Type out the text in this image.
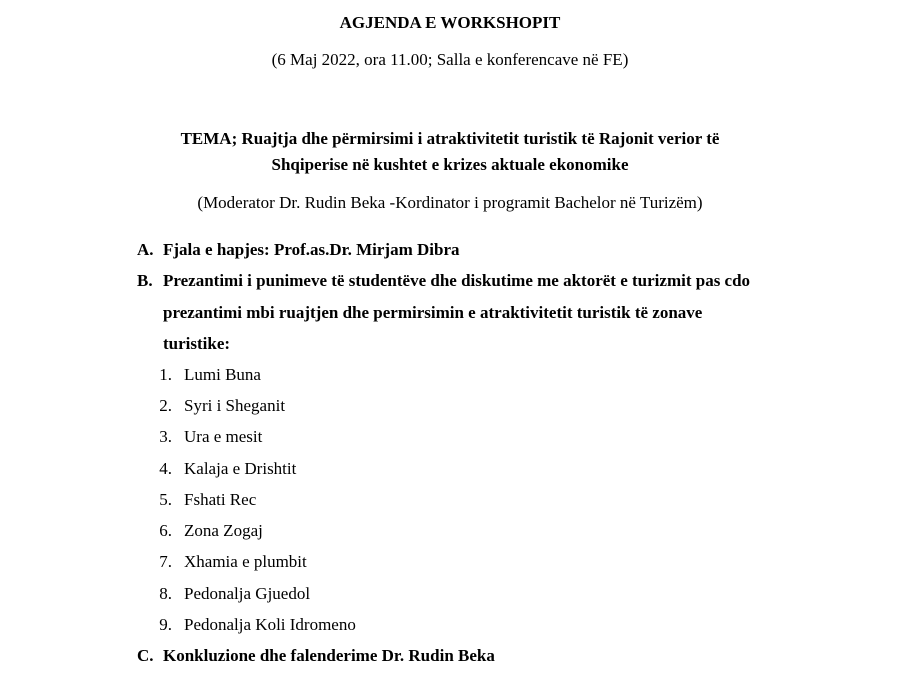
AGJENDA E WORKSHOPIT
(6 Maj 2022, ora 11.00; Salla e konferencave në FE)
TEMA; Ruajtja dhe përmirsimi i atraktivitetit turistik të Rajonit verior të
Shqiperise në kushtet e krizes aktuale ekonomike
(Moderator Dr. Rudin Beka -Kordinator i programit Bachelor në Turizëm)
A. Fjala e hapjes: Prof.as.Dr. Mirjam Dibra
B. Prezantimi i punimeve të studentëve dhe diskutime me aktorët e turizmit pas cdo
prezantimi mbi ruajtjen dhe permirsimin e atraktivitetit turistik të zonave
turistike:
1. Lumi Buna
2. Syri i Sheganit
3. Ura e mesit
4. Kalaja e Drishtit
5. Fshati Rec
6. Zona Zogaj
7. Xhamia e plumbit
8. Pedonalja Gjuedol
9. Pedonalja Koli Idromeno
C. Konkluzione dhe falenderime Dr. Rudin Beka
